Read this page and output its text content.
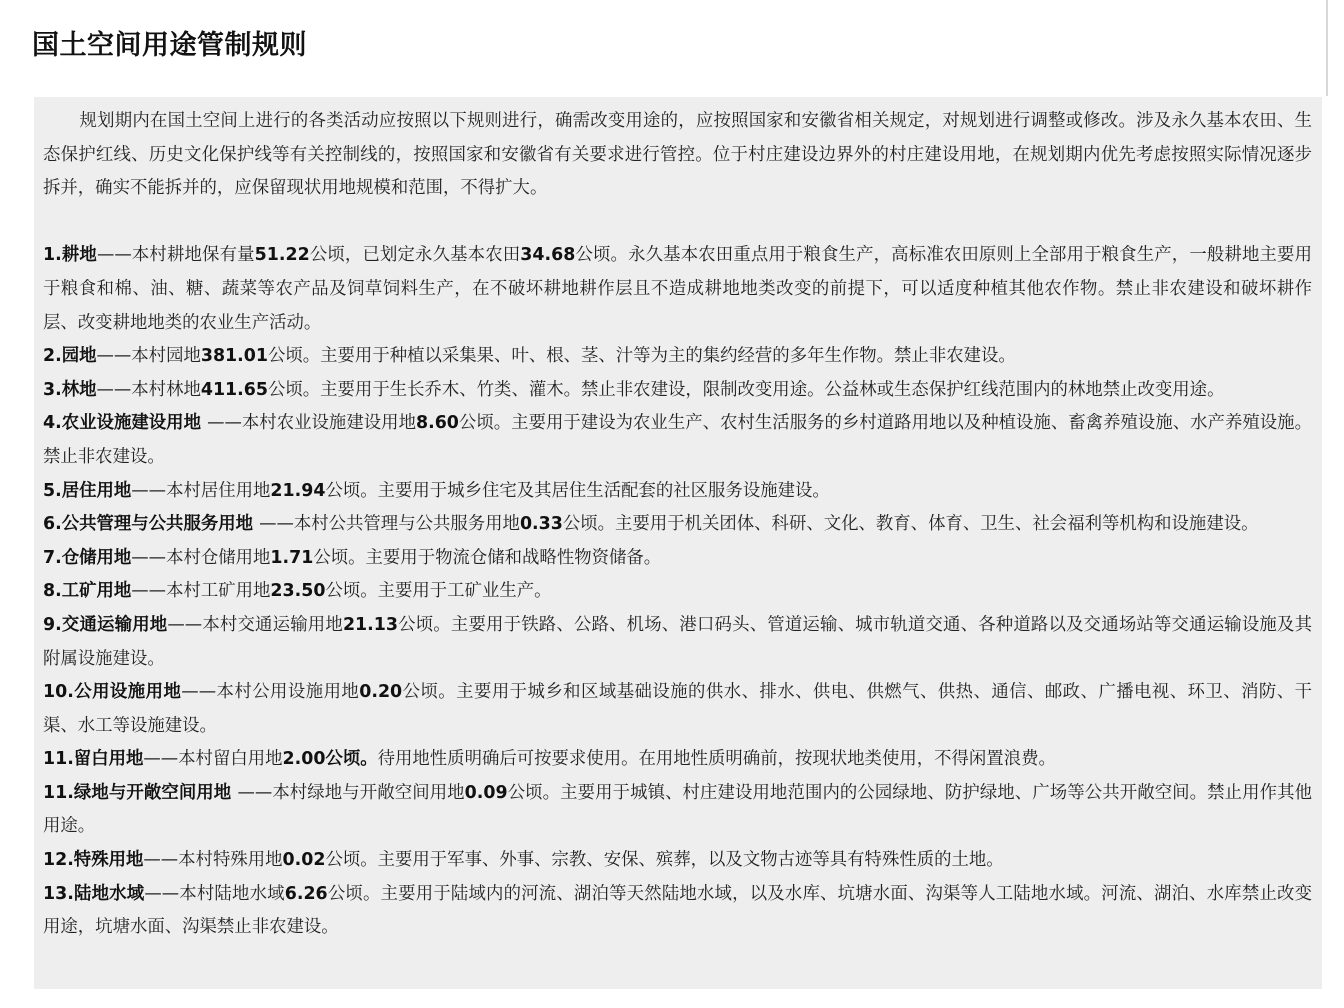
国土空间用途管制规则

规划期内在国土空间上进行的各类活动应按照以下规则进行，确需改变用途的，应按照国家和安徽省相关规定，对规划进行调整或修改。涉及永久基本农田、生态保护红线、历史文化保护线等有关控制线的，按照国家和安徽省有关要求进行管控。位于村庄建设边界外的村庄建设用地，在规划期内优先考虑按照实际情况逐步拆并，确实不能拆并的，应保留现状用地规模和范围，不得扩大。

1.耕地——本村耕地保有量51.22公顷，已划定永久基本农田34.68公顷。永久基本农田重点用于粮食生产，高标准农田原则上全部用于粮食生产，一般耕地主要用于粮食和棉、油、糖、蔬菜等农产品及饲草饲料生产，在不破坏耕地耕作层且不造成耕地地类改变的前提下，可以适度种植其他农作物。禁止非农建设和破坏耕作层、改变耕地地类的农业生产活动。

2.园地——本村园地381.01公顷。主要用于种植以采集果、叶、根、茎、汁等为主的集约经营的多年生作物。禁止非农建设。

3.林地——本村林地411.65公顷。主要用于生长乔木、竹类、灌木。禁止非农建设，限制改变用途。公益林或生态保护红线范围内的林地禁止改变用途。

4.农业设施建设用地 ——本村农业设施建设用地8.60公顷。主要用于建设为农业生产、农村生活服务的乡村道路用地以及种植设施、畜禽养殖设施、水产养殖设施。禁止非农建设。

5.居住用地——本村居住用地21.94公顷。主要用于城乡住宅及其居住生活配套的社区服务设施建设。

6.公共管理与公共服务用地 ——本村公共管理与公共服务用地0.33公顷。主要用于机关团体、科研、文化、教育、体育、卫生、社会福利等机构和设施建设。

7.仓储用地——本村仓储用地1.71公顷。主要用于物流仓储和战略性物资储备。

8.工矿用地——本村工矿用地23.50公顷。主要用于工矿业生产。

9.交通运输用地——本村交通运输用地21.13公顷。主要用于铁路、公路、机场、港口码头、管道运输、城市轨道交通、各种道路以及交通场站等交通运输设施及其附属设施建设。

10.公用设施用地——本村公用设施用地0.20公顷。主要用于城乡和区域基础设施的供水、排水、供电、供燃气、供热、通信、邮政、广播电视、环卫、消防、干渠、水工等设施建设。

11.留白用地——本村留白用地2.00公顷。待用地性质明确后可按要求使用。在用地性质明确前，按现状地类使用，不得闲置浪费。

11.绿地与开敞空间用地 ——本村绿地与开敞空间用地0.09公顷。主要用于城镇、村庄建设用地范围内的公园绿地、防护绿地、广场等公共开敞空间。禁止用作其他用途。

12.特殊用地——本村特殊用地0.02公顷。主要用于军事、外事、宗教、安保、殡葬，以及文物古迹等具有特殊性质的土地。

13.陆地水域——本村陆地水域6.26公顷。主要用于陆域内的河流、湖泊等天然陆地水域，以及水库、坑塘水面、沟渠等人工陆地水域。河流、湖泊、水库禁止改变用途，坑塘水面、沟渠禁止非农建设。
